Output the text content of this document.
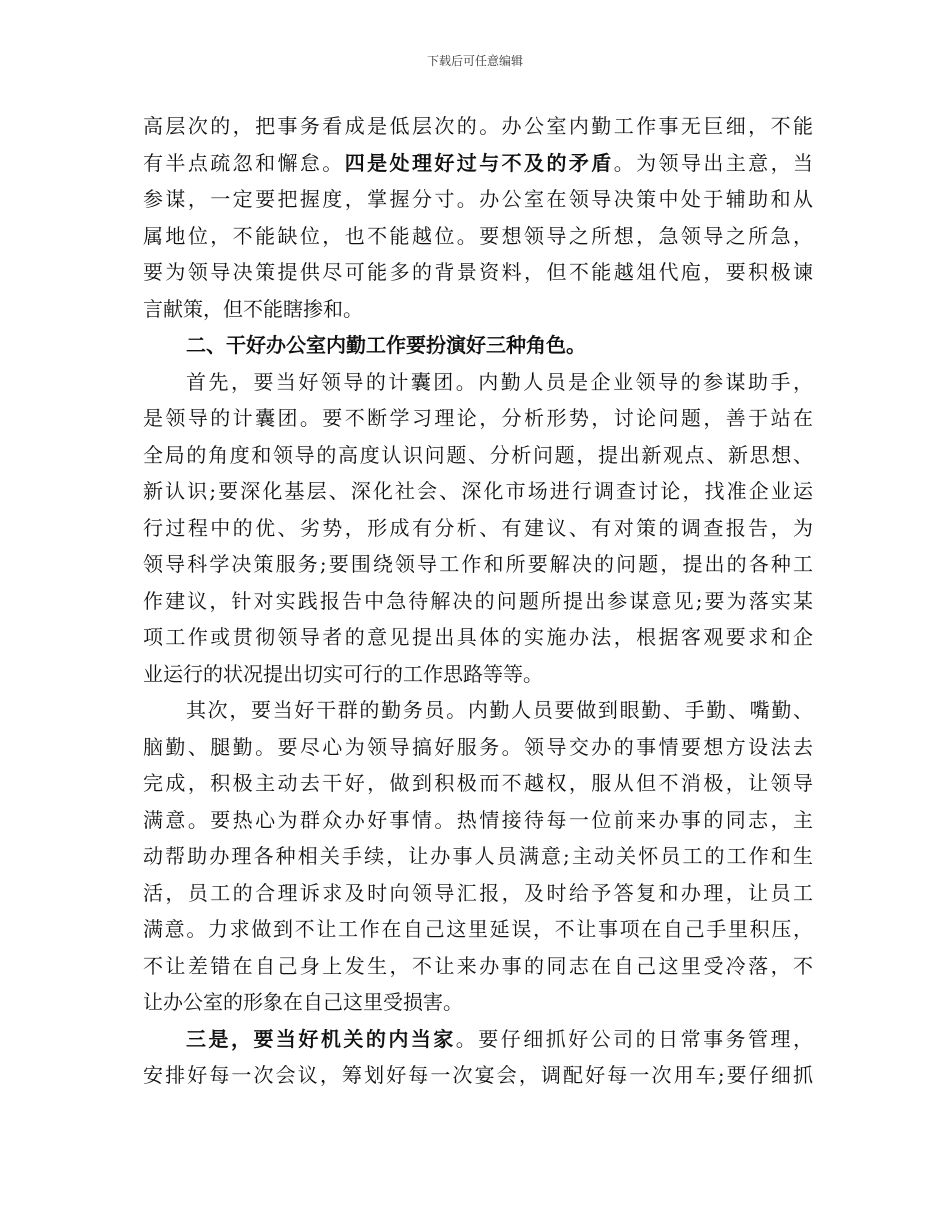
下载后可任意编辑
高层次的，把事务看成是低层次的。办公室内勤工作事无巨细，不能
有半点疏忽和懈怠。四是处理好过与不及的矛盾。为领导出主意，当
参谋，一定要把握度，掌握分寸。办公室在领导决策中处于辅助和从
属地位，不能缺位，也不能越位。要想领导之所想，急领导之所急，
要为领导决策提供尽可能多的背景资料，但不能越俎代庖，要积极谏
言献策，但不能瞎掺和。
二、干好办公室内勤工作要扮演好三种角色。
首先，要当好领导的计囊团。内勤人员是企业领导的参谋助手，
是领导的计囊团。要不断学习理论，分析形势，讨论问题，善于站在
全局的角度和领导的高度认识问题、分析问题，提出新观点、新思想、
新认识;要深化基层、深化社会、深化市场进行调查讨论，找准企业运
行过程中的优、劣势，形成有分析、有建议、有对策的调查报告，为
领导科学决策服务;要围绕领导工作和所要解决的问题，提出的各种工
作建议，针对实践报告中急待解决的问题所提出参谋意见;要为落实某
项工作或贯彻领导者的意见提出具体的实施办法，根据客观要求和企
业运行的状况提出切实可行的工作思路等等。
其次，要当好干群的勤务员。内勤人员要做到眼勤、手勤、嘴勤、
脑勤、腿勤。要尽心为领导搞好服务。领导交办的事情要想方设法去
完成，积极主动去干好，做到积极而不越权，服从但不消极，让领导
满意。要热心为群众办好事情。热情接待每一位前来办事的同志，主
动帮助办理各种相关手续，让办事人员满意;主动关怀员工的工作和生
活，员工的合理诉求及时向领导汇报，及时给予答复和办理，让员工
满意。力求做到不让工作在自己这里延误，不让事项在自己手里积压，
不让差错在自己身上发生，不让来办事的同志在自己这里受冷落，不
让办公室的形象在自己这里受损害。
三是，要当好机关的内当家。要仔细抓好公司的日常事务管理，
安排好每一次会议，筹划好每一次宴会，调配好每一次用车;要仔细抓
